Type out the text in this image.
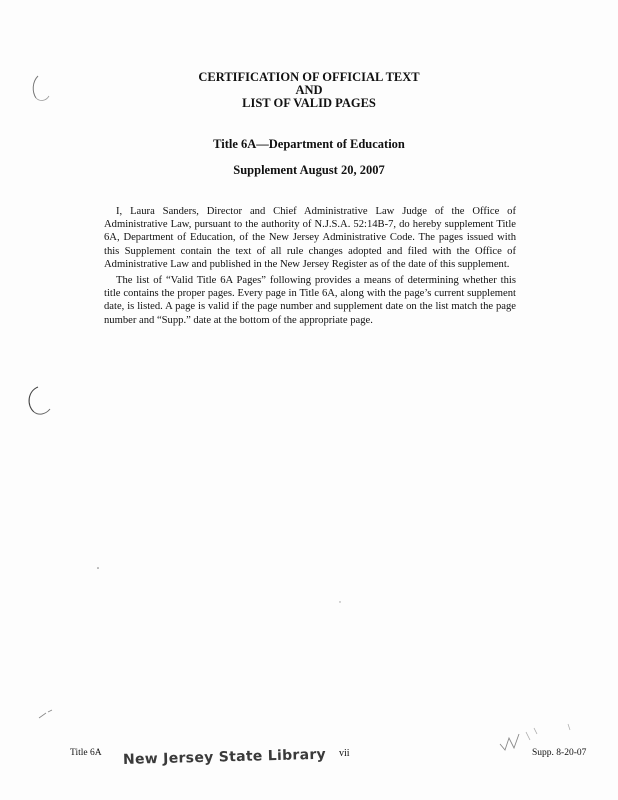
CERTIFICATION OF OFFICIAL TEXT
AND
LIST OF VALID PAGES
Title 6A—Department of Education
Supplement August 20, 2007

I, Laura Sanders, Director and Chief Administrative Law Judge of the Office of Administrative Law, pursuant to the authority of N.J.S.A. 52:14B-7, do hereby supplement Title 6A, Department of Education, of the New Jersey Administrative Code. The pages issued with this Supplement contain the text of all rule changes adopted and filed with the Office of Administrative Law and published in the New Jersey Register as of the date of this supplement.

The list of “Valid Title 6A Pages” following provides a means of determining whether this title contains the proper pages. Every page in Title 6A, along with the page’s current supplement date, is listed. A page is valid if the page number and supplement date on the list match the page number and “Supp.” date at the bottom of the appropriate page.

Title 6A New Jersey State Library vii	Supp. 8-20-07
